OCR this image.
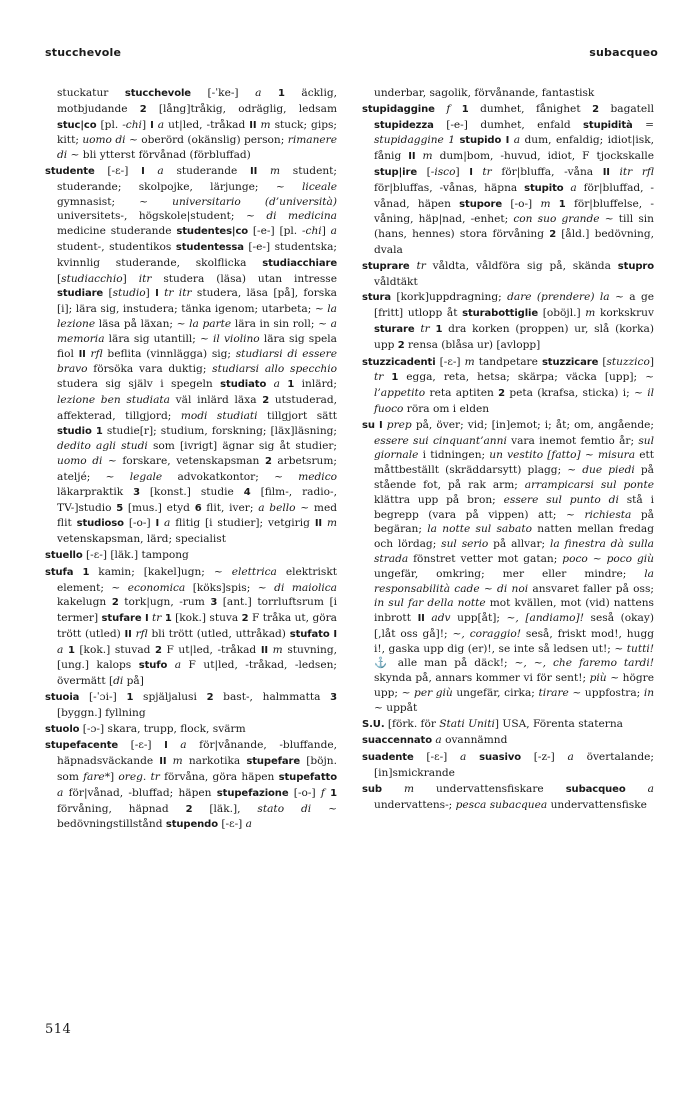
stucchevole	subacqueo

stuckatur stucchevole [-ˈke-] a 1 äcklig, motbjudande 2 [lång]tråkig, odräglig, ledsam stuc|co [pl. -chi] I a ut|led, -tråkad II m stuck; gips; kitt; uomo di ~ oberörd (okänslig) person; rimanere di ~ bli ytterst förvånad (förbluffad)

studente [-ɛ-] I a studerande II m student; studerande; skolpojke, lärjunge; ~ liceale gymnasist; ~ universitario (d’università) universitets-, högskole|student; ~ di medicina medicine studerande studentes|co [-e-] [pl. -chi] a student-, studentikos studentessa [-e-] studentska; kvinnlig studerande, skolflicka studiacchiare [studiacchio] itr studera (läsa) utan intresse studiare [studio] I tr itr studera, läsa [på], forska [i]; lära sig, instudera; tänka igenom; utarbeta; ~ la lezione läsa på läxan; ~ la parte lära in sin roll; ~ a memoria lära sig utantill; ~ il violino lära sig spela fiol II rfl beflita (vinnlägga) sig; studiarsi di essere bravo försöka vara duktig; studiarsi allo specchio studera sig själv i spegeln studiato a 1 inlärd; lezione ben studiata väl inlärd läxa 2 utstuderad, affekterad, tillgjord; modi studiati tillgjort sätt studio 1 studie[r]; studium, forskning; [läx]läsning; dedito agli studi som [ivrigt] ägnar sig åt studier; uomo di ~ forskare, vetenskapsman 2 arbetsrum; ateljé; ~ legale advokatkontor; ~ medico läkarpraktik 3 [konst.] studie 4 [film-, radio-, TV-]studio 5 [mus.] etyd 6 flit, iver; a bello ~ med flit studioso [-o-] I a flitig [i studier]; vetgirig II m vetenskapsman, lärd; specialist

stuello [-ɛ-] [läk.] tampong

stufa 1 kamin; [kakel]ugn; ~ elettrica elektriskt element; ~ economica [köks]spis; ~ di maiolica kakelugn 2 tork|ugn, -rum 3 [ant.] torrluftsrum [i termer] stufare I tr 1 [kok.] stuva 2 F tråka ut, göra trött (utled) II rfl bli trött (utled, uttråkad) stufato I a 1 [kok.] stuvad 2 F ut|led, -tråkad II m stuvning, [ung.] kalops stufo a F ut|led, -tråkad, -ledsen; övermätt [di på]

stuoia [-ˈɔi-] 1 spjäljalusi 2 bast-, halmmatta 3 [byggn.] fyllning

stuolo [-ɔ-] skara, trupp, flock, svärm

stupefacente [-ɛ-] I a för|vånande, -bluffande, häpnadsväckande II m narkotika stupefare [böjn. som fare*] oreg. tr förvåna, göra häpen stupefatto a för|vånad, -bluffad; häpen stupefazione [-o-] f 1 förvåning, häpnad 2 [läk.], stato di ~ bedövningstillstånd stupendo [-ɛ-] a

underbar, sagolik, förvånande, fantastisk

stupidaggine f 1 dumhet, fånighet 2 bagatell stupidezza [-e-] dumhet, enfald stupidità = stupidaggine 1 stupido I a dum, enfaldig; idiot|isk, fånig II m dum|bom, -huvud, idiot, F tjockskalle stup|ire [-isco] I tr för|bluffa, -våna II itr rfl för|bluffas, -vånas, häpna stupito a för|bluffad, -vånad, häpen stupore [-o-] m 1 för|bluffelse, -våning, häp|nad, -enhet; con suo grande ~ till sin (hans, hennes) stora förvåning 2 [åld.] bedövning, dvala

stuprare tr våldta, våldföra sig på, skända stupro våldtäkt

stura [kork]uppdragning; dare (prendere) la ~ a ge [fritt] utlopp åt sturabottiglie [oböjl.] m korkskruv sturare tr 1 dra korken (proppen) ur, slå (korka) upp 2 rensa (blåsa ur) [avlopp]

stuzzicadenti [-ɛ-] m tandpetare stuzzicare [stuzzico] tr 1 egga, reta, hetsa; skärpa; väcka [upp]; ~ l’appetito reta aptiten 2 peta (krafsa, sticka) i; ~ il fuoco röra om i elden

su I prep på, över; vid; [in]emot; i; åt; om, angående; essere sui cinquant’anni vara inemot femtio år; sul giornale i tidningen; un vestito [fatto] ~ misura ett måttbeställt (skräddarsytt) plagg; ~ due piedi på stående fot, på rak arm; arrampicarsi sul ponte klättra upp på bron; essere sul punto di stå i begrepp (vara på vippen) att; ~ richiesta på begäran; la notte sul sabato natten mellan fredag och lördag; sul serio på allvar; la finestra dà sulla strada fönstret vetter mot gatan; poco ~ poco giù ungefär, omkring; mer eller mindre; la responsabilità cade ~ di noi ansvaret faller på oss; in sul far della notte mot kvällen, mot (vid) nattens inbrott II adv upp[åt]; ~, [andiamo]! seså (okay) [,låt oss gå]!; ~, coraggio! seså, friskt mod!, hugg i!, gaska upp dig (er)!, se inte så ledsen ut!; ~ tutti! ⚓ alle man på däck!; ~, ~, che faremo tardi! skynda på, annars kommer vi för sent!; più ~ högre upp; ~ per giù ungefär, cirka; tirare ~ uppfostra; in ~ uppåt

S.U. [förk. för Stati Uniti] USA, Förenta staterna

suaccennato a ovannämnd

suadente [-ɛ-] a suasivo [-z-] a övertalande; [in]smickrande

sub m undervattensfiskare subacqueo a undervattens-; pesca subacquea undervattensfiske

514
